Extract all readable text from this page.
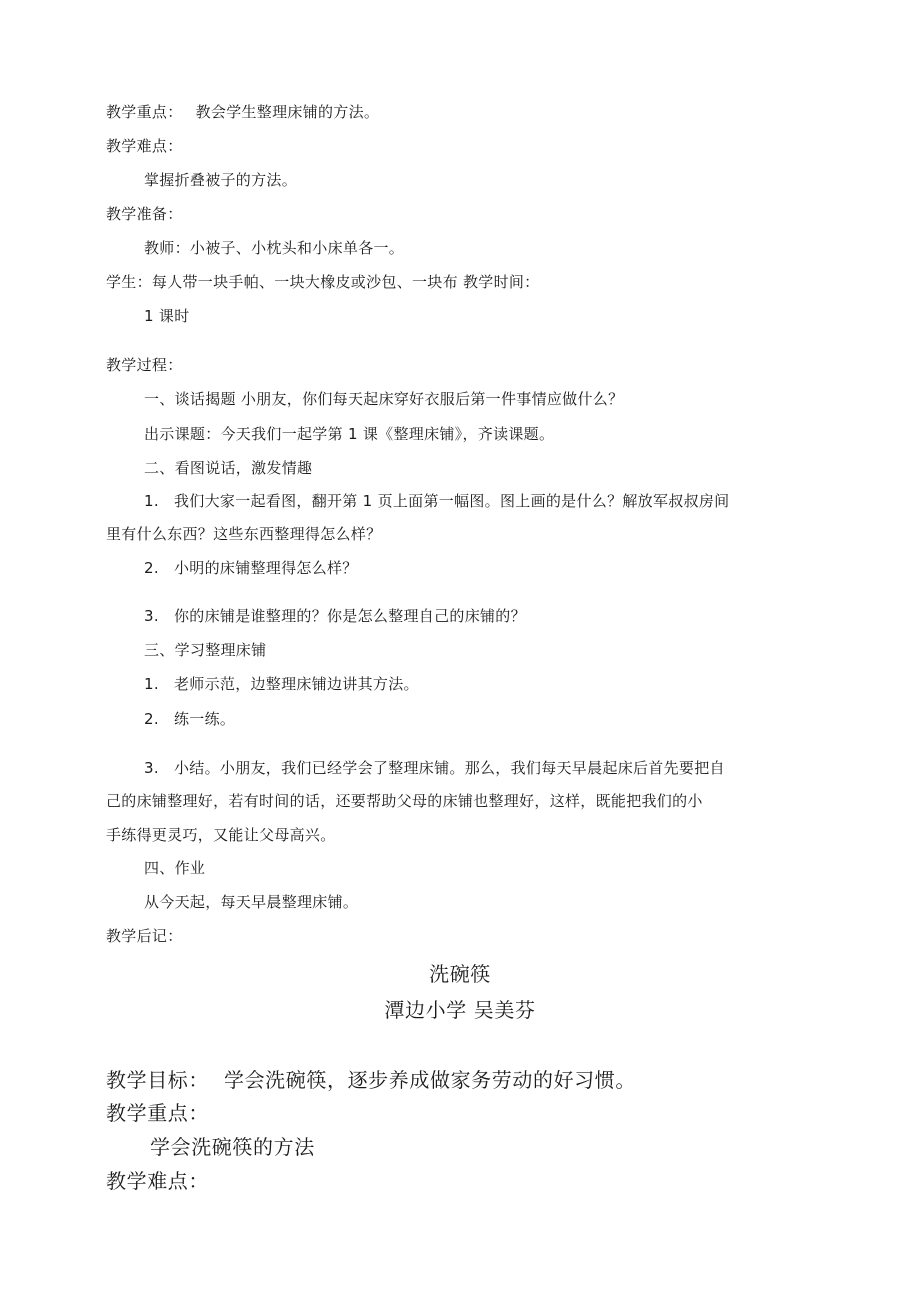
教学重点： 教会学生整理床铺的方法。
教学难点：
掌握折叠被子的方法。
教学准备：
教师：小被子、小枕头和小床单各一。
学生：每人带一块手帕、一块大橡皮或沙包、一块布 教学时间：
1 课时
教学过程：
一、谈话揭题 小朋友，你们每天起床穿好衣服后第一件事情应做什么？
出示课题：今天我们一起学第 1 课《整理床铺》，齐读课题。
二、看图说话，激发情趣
1. 我们大家一起看图，翻开第 1 页上面第一幅图。图上画的是什么？解放军叔叔房间
里有什么东西？这些东西整理得怎么样？
2. 小明的床铺整理得怎么样？
3. 你的床铺是谁整理的？你是怎么整理自己的床铺的？
三、学习整理床铺
1. 老师示范，边整理床铺边讲其方法。
2. 练一练。
3. 小结。小朋友，我们已经学会了整理床铺。那么，我们每天早晨起床后首先要把自
己的床铺整理好，若有时间的话，还要帮助父母的床铺也整理好，这样，既能把我们的小
手练得更灵巧，又能让父母高兴。
四、作业
从今天起，每天早晨整理床铺。
教学后记：
洗碗筷
潭边小学 吴美芬
教学目标： 学会洗碗筷，逐步养成做家务劳动的好习惯。
教学重点：
学会洗碗筷的方法
教学难点：
